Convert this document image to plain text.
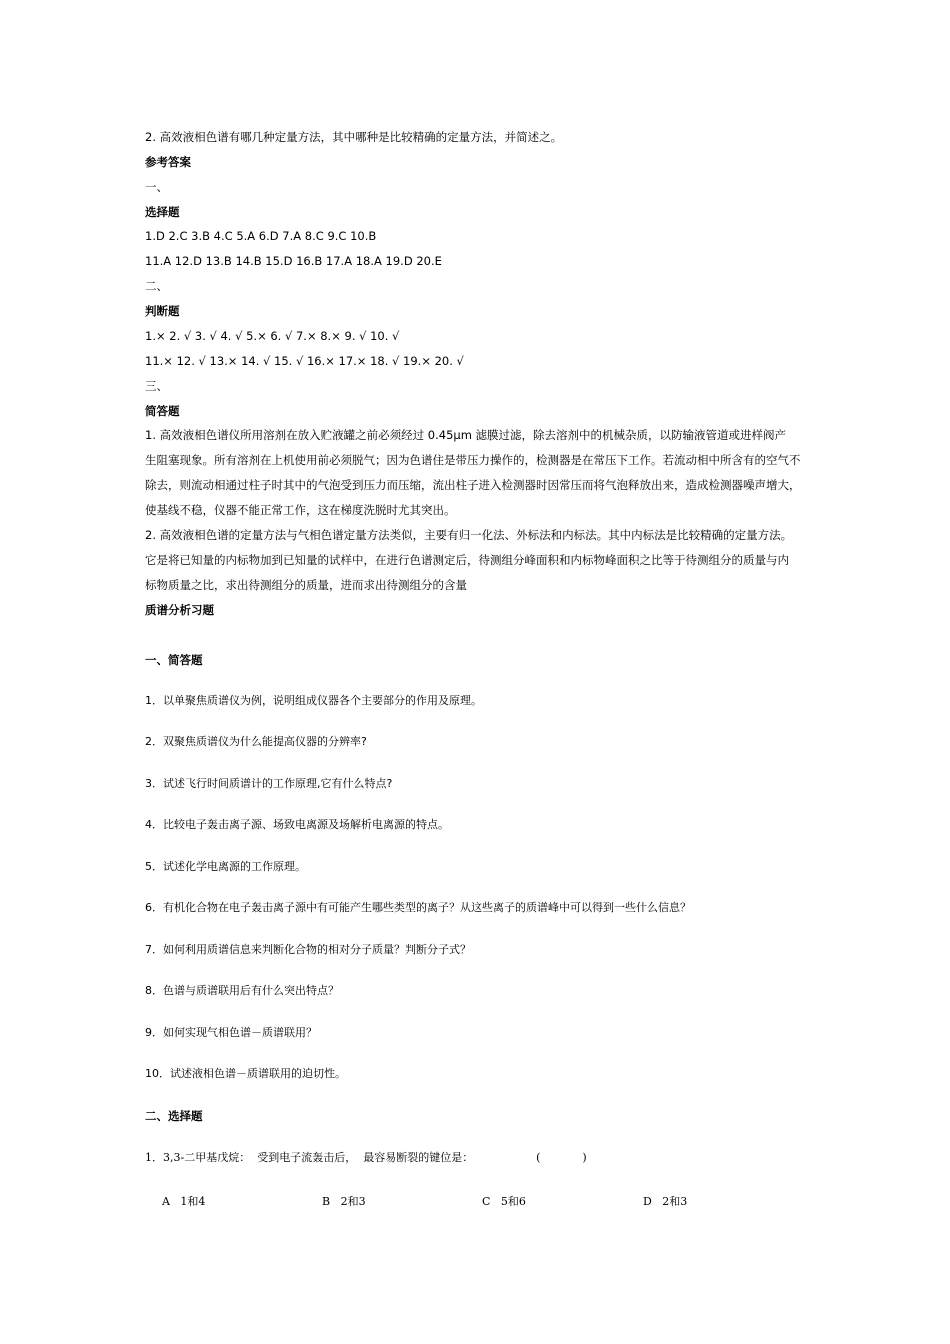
2. 高效液相色谱有哪几种定量方法，其中哪种是比较精确的定量方法，并简述之。
参考答案
一、
选择题
1.D 2.C 3.B 4.C 5.A 6.D 7.A 8.C 9.C 10.B
11.A 12.D 13.B 14.B 15.D 16.B 17.A 18.A 19.D 20.E
二、
判断题
1.× 2. √ 3. √ 4. √ 5.× 6. √ 7.× 8.× 9. √ 10. √
11.× 12. √ 13.× 14. √ 15. √ 16.× 17.× 18. √ 19.× 20. √
三、
简答题
1. 高效液相色谱仪所用溶剂在放入贮液罐之前必须经过 0.45μm 滤膜过滤，除去溶剂中的机械杂质，以防输液管道或进样阀产
生阻塞现象。所有溶剂在上机使用前必须脱气；因为色谱住是带压力操作的，检测器是在常压下工作。若流动相中所含有的空气不
除去，则流动相通过柱子时其中的气泡受到压力而压缩，流出柱子进入检测器时因常压而将气泡释放出来，造成检测器噪声增大，
使基线不稳，仪器不能正常工作，这在梯度洗脱时尤其突出。
2. 高效液相色谱的定量方法与气相色谱定量方法类似，主要有归一化法、外标法和内标法。其中内标法是比较精确的定量方法。
它是将已知量的内标物加到已知量的试样中，在进行色谱测定后，待测组分峰面积和内标物峰面积之比等于待测组分的质量与内
标物质量之比，求出待测组分的质量，进而求出待测组分的含量
质谱分析习题
一、简答题
1．以单聚焦质谱仪为例，说明组成仪器各个主要部分的作用及原理。
2．双聚焦质谱仪为什么能提高仪器的分辨率?
3．试述飞行时间质谱计的工作原理,它有什么特点?
4．比较电子轰击离子源、场致电离源及场解析电离源的特点。
5．试述化学电离源的工作原理。
6．有机化合物在电子轰击离子源中有可能产生哪些类型的离子？从这些离子的质谱峰中可以得到一些什么信息？
7．如何利用质谱信息来判断化合物的相对分子质量？判断分子式？
8．色谱与质谱联用后有什么突出特点？
9．如何实现气相色谱－质谱联用？
10．试述液相色谱－质谱联用的迫切性。
二、选择题
1．3,3-二甲基戊烷：  受到电子流轰击后，  最容易断裂的键位是：                  (            )
A   1和4	B   2和3	C   5和6	D   2和3
